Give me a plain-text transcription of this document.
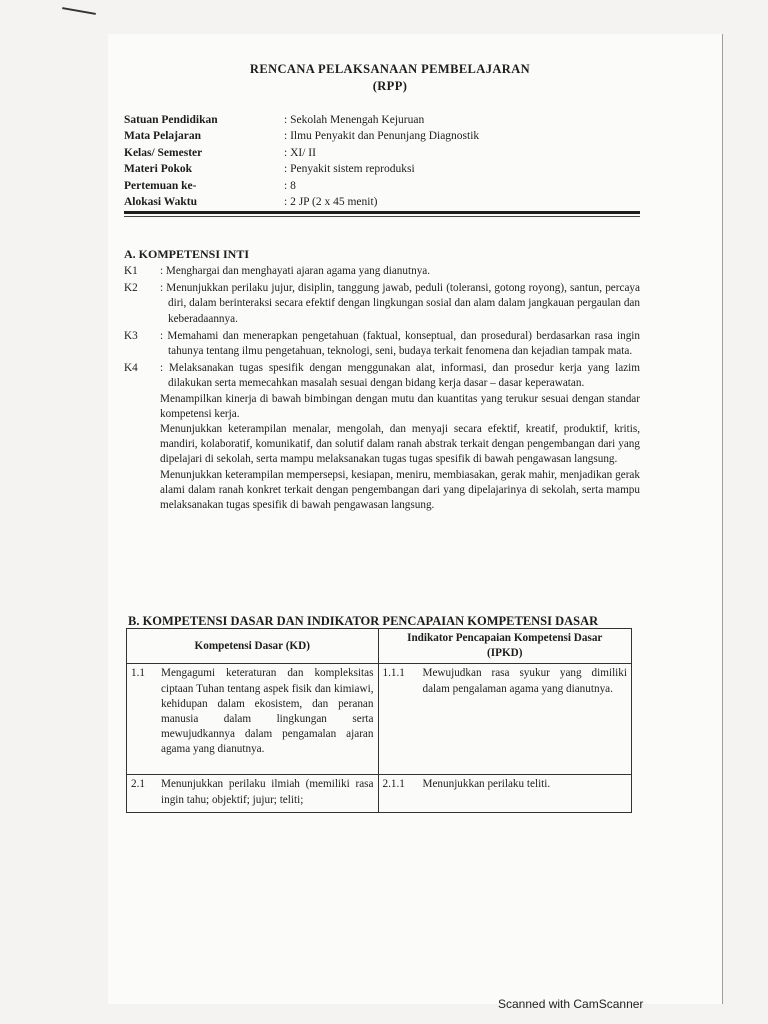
RENCANA PELAKSANAAN PEMBELAJARAN
(RPP)
Satuan Pendidikan	: Sekolah Menengah Kejuruan
Mata Pelajaran	: Ilmu Penyakit dan Penunjang Diagnostik
Kelas/ Semester	: XI/ II
Materi Pokok	: Penyakit sistem reproduksi
Pertemuan ke-	: 8
Alokasi Waktu	: 2 JP (2 x 45 menit)
A. KOMPETENSI INTI
K1	: Menghargai dan menghayati ajaran agama yang dianutnya.

K2	: Menunjukkan perilaku jujur, disiplin, tanggung jawab, peduli (toleransi, gotong royong), santun, percaya diri, dalam berinteraksi secara efektif dengan lingkungan sosial dan alam dalam jangkauan pergaulan dan keberadaannya.

K3	: Memahami dan menerapkan pengetahuan (faktual, konseptual, dan prosedural) berdasarkan rasa ingin tahunya tentang ilmu pengetahuan, teknologi, seni, budaya terkait fenomena dan kejadian tampak mata.

K4	: Melaksanakan tugas spesifik dengan menggunakan alat, informasi, dan prosedur kerja yang lazim dilakukan serta memecahkan masalah sesuai dengan bidang kerja dasar – dasar keperawatan.

Menampilkan kinerja di bawah bimbingan dengan mutu dan kuantitas yang terukur sesuai dengan standar kompetensi kerja.

Menunjukkan keterampilan menalar, mengolah, dan menyaji secara efektif, kreatif, produktif, kritis, mandiri, kolaboratif, komunikatif, dan solutif dalam ranah abstrak terkait dengan pengembangan dari yang dipelajari di sekolah, serta mampu melaksanakan tugas tugas spesifik di bawah pengawasan langsung.

Menunjukkan keterampilan mempersepsi, kesiapan, meniru, membiasakan, gerak mahir, menjadikan gerak alami dalam ranah konkret terkait dengan pengembangan dari yang dipelajarinya di sekolah, serta mampu melaksanakan tugas spesifik di bawah pengawasan langsung.

B. KOMPETENSI DASAR DAN INDIKATOR PENCAPAIAN KOMPETENSI DASAR
Kompetensi Dasar (KD)	Indikator Pencapaian Kompetensi Dasar
(IPKD)

1.1 Mengagumi keteraturan dan kompleksitas ciptaan Tuhan tentang aspek fisik dan kimiawi, kehidupan dalam ekosistem, dan peranan manusia dalam lingkungan serta mewujudkannya dalam pengamalan ajaran agama yang dianutnya.	1.1.1 Mewujudkan rasa syukur yang dimiliki dalam pengalaman agama yang dianutnya.

2.1 Menunjukkan perilaku ilmiah (memiliki rasa ingin tahu; objektif; jujur; teliti;	2.1.1 Menunjukkan perilaku teliti.
Scanned with CamScanner
